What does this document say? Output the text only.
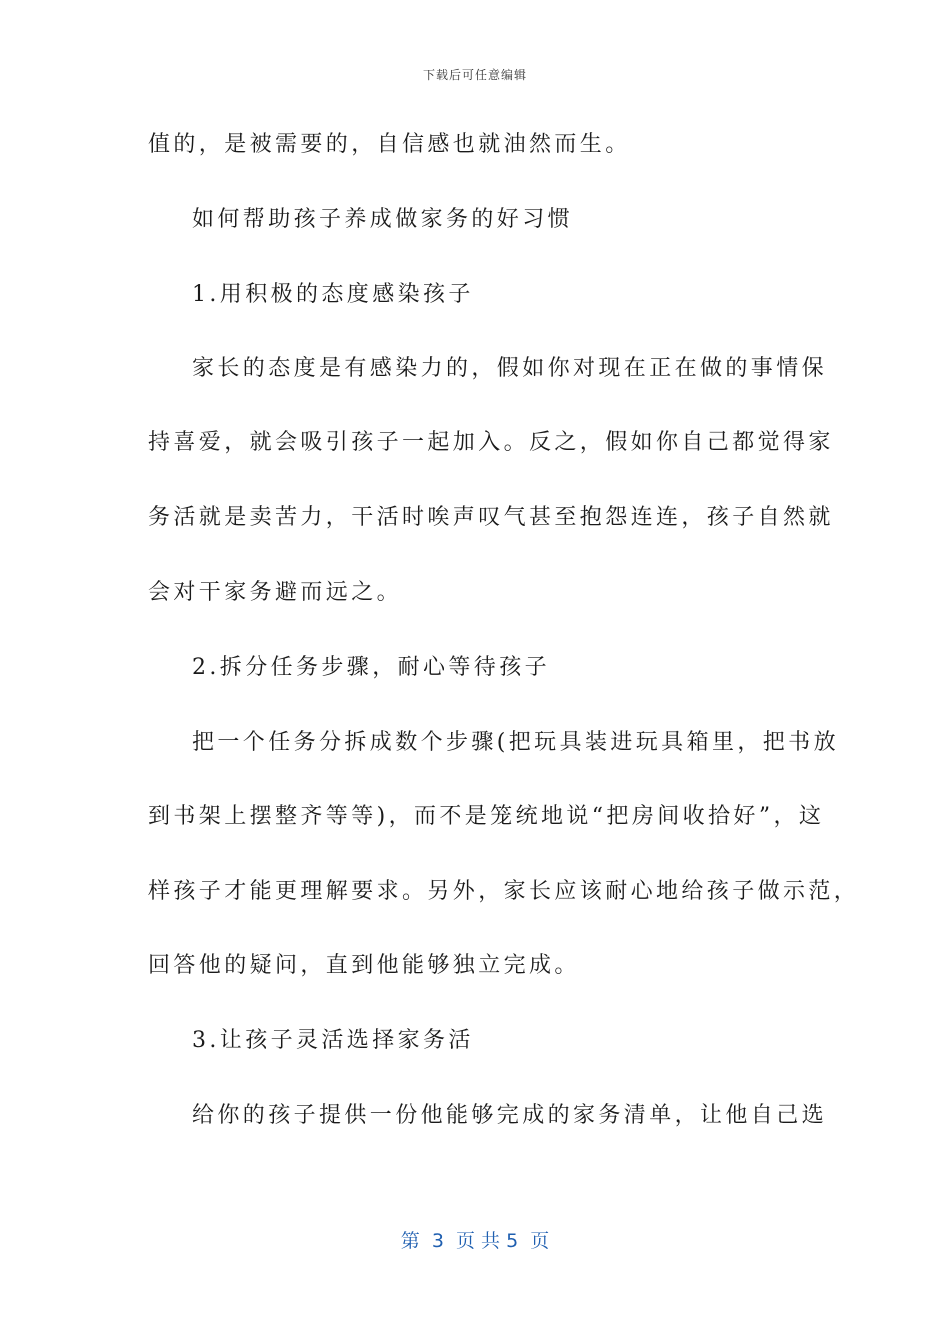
下载后可任意编辑
值的，是被需要的，自信感也就油然而生。
如何帮助孩子养成做家务的好习惯
1.用积极的态度感染孩子
家长的态度是有感染力的，假如你对现在正在做的事情保
持喜爱，就会吸引孩子一起加入。反之，假如你自己都觉得家
务活就是卖苦力，干活时唉声叹气甚至抱怨连连，孩子自然就
会对干家务避而远之。
2.拆分任务步骤，耐心等待孩子
把一个任务分拆成数个步骤(把玩具装进玩具箱里，把书放
到书架上摆整齐等等)，而不是笼统地说“把房间收拾好”，这
样孩子才能更理解要求。另外，家长应该耐心地给孩子做示范，
回答他的疑问，直到他能够独立完成。
3.让孩子灵活选择家务活
给你的孩子提供一份他能够完成的家务清单，让他自己选
第  3  页 共 5  页
